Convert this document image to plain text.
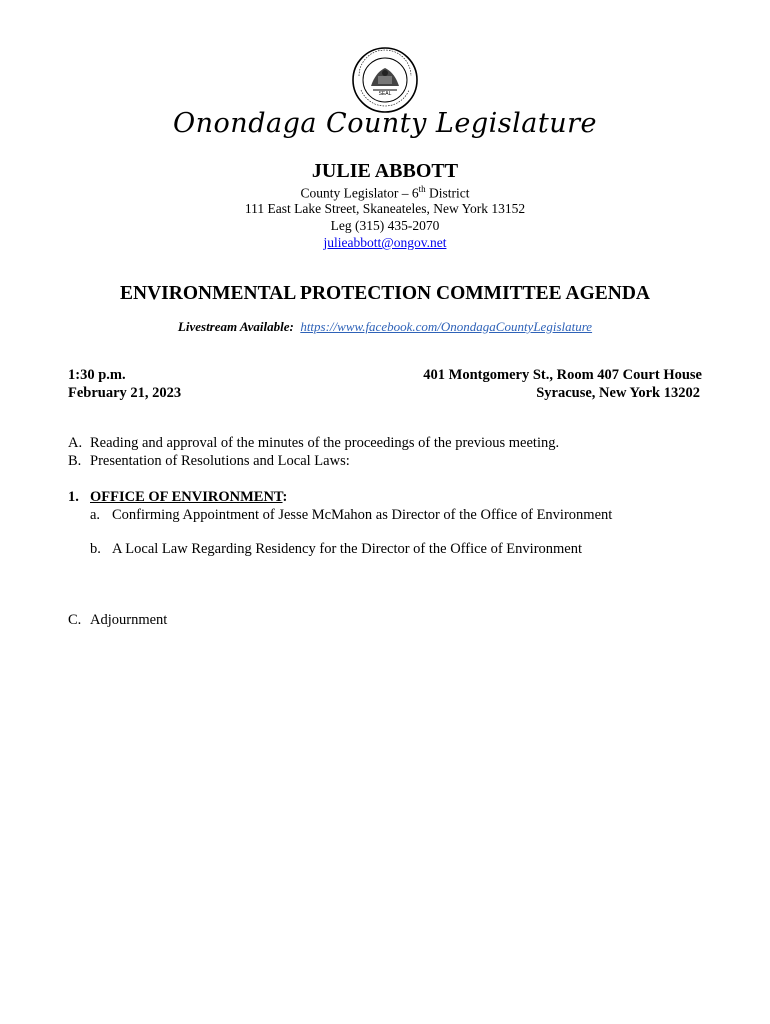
SEAL
Onondaga County Legislature
JULIE ABBOTT
County Legislator – 6th District
111 East Lake Street, Skaneateles, New York 13152
Leg (315) 435-2070
julieabbott@ongov.net
ENVIRONMENTAL PROTECTION COMMITTEE AGENDA
Livestream Available: https://www.facebook.com/OnondagaCountyLegislature
1:30 p.m.
February 21, 2023
401 Montgomery St., Room 407 Court House
Syracuse, New York 13202
A. Reading and approval of the minutes of the proceedings of the previous meeting.
B. Presentation of Resolutions and Local Laws:
1. OFFICE OF ENVIRONMENT:
a. Confirming Appointment of Jesse McMahon as Director of the Office of Environment
b. A Local Law Regarding Residency for the Director of the Office of Environment
C. Adjournment
